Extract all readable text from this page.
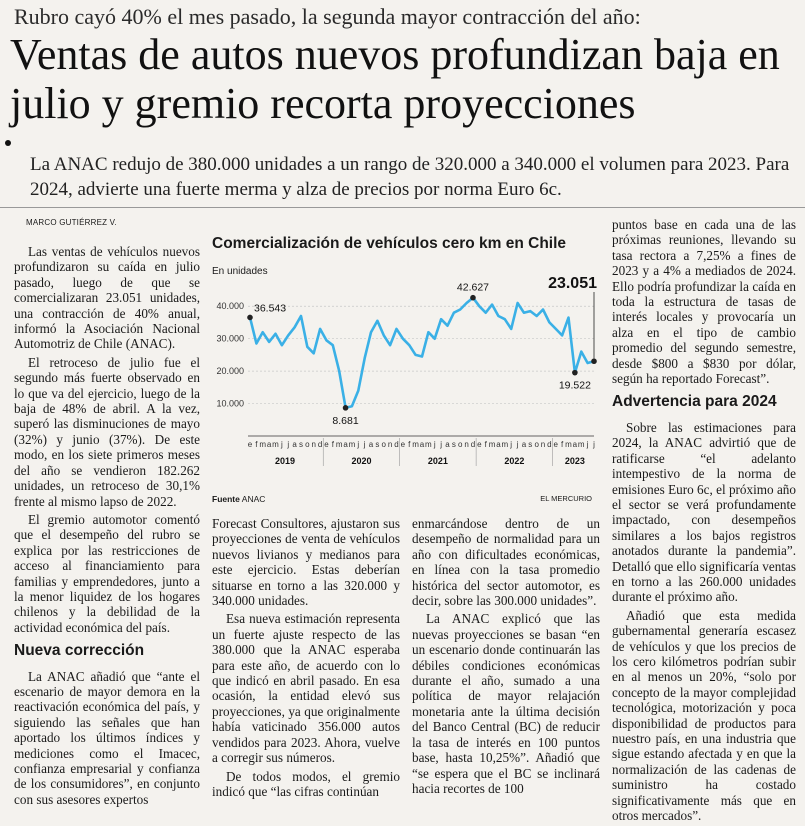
Rubro cayó 40% el mes pasado, la segunda mayor contracción del año:
Ventas de autos nuevos profundizan baja en julio y gremio recorta proyecciones
La ANAC redujo de 380.000 unidades a un rango de 320.000 a 340.000 el volumen para 2023. Para 2024, advierte una fuerte merma y alza de precios por norma Euro 6c.
MARCO GUTIÉRREZ V.

Las ventas de vehículos nuevos profundizaron su caída en julio pasado, luego de que se comercializaran 23.051 unidades, una contracción de 40% anual, informó la Asociación Nacional Automotriz de Chile (ANAC).

El retroceso de julio fue el segundo más fuerte observado en lo que va del ejercicio, luego de la baja de 48% de abril. A la vez, superó las disminuciones de mayo (32%) y junio (37%). De este modo, en los siete primeros meses del año se vendieron 182.262 unidades, un retroceso de 30,1% frente al mismo lapso de 2022.

El gremio automotor comentó que el desempeño del rubro se explica por las restricciones de acceso al financiamiento para familias y emprendedores, junto a la menor liquidez de los hogares chilenos y la debilidad de la actividad económica del país.

Nueva corrección

La ANAC añadió que “ante el escenario de mayor demora en la reactivación económica del país, y siguiendo las señales que han aportado los últimos índices y mediciones como el Imacec, confianza empresarial y confianza de los consumidores”, en conjunto con sus asesores expertos

Comercialización de vehículos cero km en Chile
En unidades
10.000
20.000
30.000
40.000
e f m a m j j a s o n d e f m a m j j a s o n d e f m a m j j a s o n d e f m a m j j a s o n d e f m a m j j
2019	2020	2021	2022	2023
36.543
8.681
42.627
19.522
23.051
Fuente ANAC	EL MERCURIO

Forecast Consultores, ajustaron sus proyecciones de venta de vehículos nuevos livianos y medianos para este ejercicio. Estas deberían situarse en torno a las 320.000 y 340.000 unidades.

Esa nueva estimación representa un fuerte ajuste respecto de las 380.000 que la ANAC esperaba para este año, de acuerdo con lo que indicó en abril pasado. En esa ocasión, la entidad elevó sus proyecciones, ya que originalmente había vaticinado 356.000 autos vendidos para 2023. Ahora, vuelve a corregir sus números.

De todos modos, el gremio indicó que “las cifras continúan

enmarcándose dentro de un desempeño de normalidad para un año con dificultades económicas, en línea con la tasa promedio histórica del sector automotor, es decir, sobre las 300.000 unidades”.

La ANAC explicó que las nuevas proyecciones se basan “en un escenario donde continuarán las débiles condiciones económicas durante el año, sumado a una política de mayor relajación monetaria ante la última decisión del Banco Central (BC) de reducir la tasa de interés en 100 puntos base, hasta 10,25%”. Añadió que “se espera que el BC se inclinará hacia recortes de 100

puntos base en cada una de las próximas reuniones, llevando su tasa rectora a 7,25% a fines de 2023 y a 4% a mediados de 2024. Ello podría profundizar la caída en toda la estructura de tasas de interés locales y provocaría un alza en el tipo de cambio promedio del segundo semestre, desde $800 a $830 por dólar, según ha reportado Forecast”.

Advertencia para 2024

Sobre las estimaciones para 2024, la ANAC advirtió que de ratificarse “el adelanto intempestivo de la norma de emisiones Euro 6c, el próximo año el sector se verá profundamente impactado, con desempeños similares a los bajos registros anotados durante la pandemia”. Detalló que ello significaría ventas en torno a las 260.000 unidades durante el próximo año.

Añadió que esta medida gubernamental generaría escasez de vehículos y que los precios de los cero kilómetros podrían subir en al menos un 20%, “solo por concepto de la mayor complejidad tecnológica, motorización y poca disponibilidad de productos para nuestro país, en una industria que sigue estando afectada y en que la normalización de las cadenas de suministro ha costado significativamente más que en otros mercados”.
